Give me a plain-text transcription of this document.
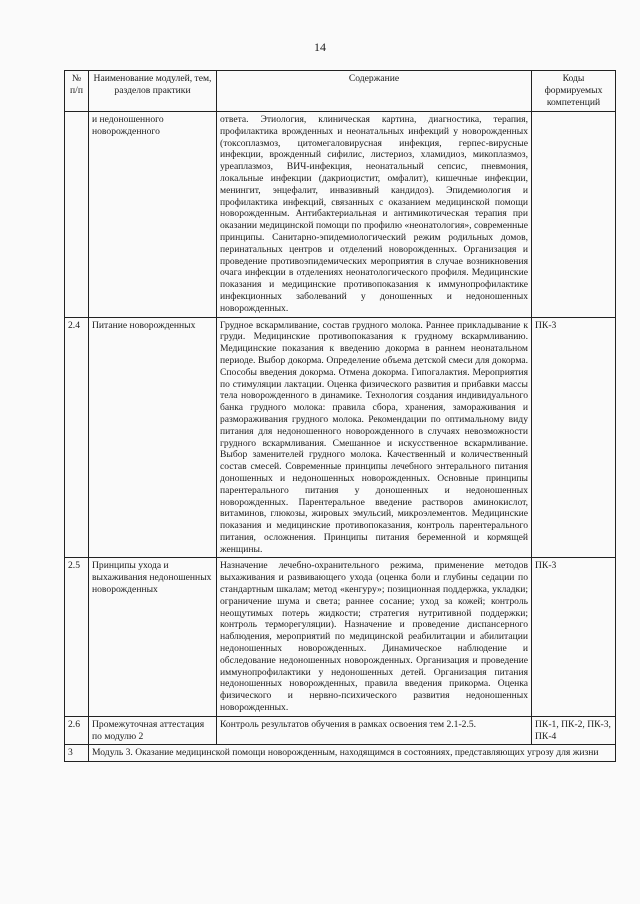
14
№ п/п	Наименование модулей, тем, разделов практики	Содержание	Коды формируемых компетенций
	и недоношенного новорожденного	ответа. Этиология, клиническая картина, диагностика, терапия, профилактика врожденных и неонатальных инфекций у новорожденных (токсоплазмоз, цитомегаловирусная инфекция, герпес-вирусные инфекции, врожденный сифилис, листериоз, хламидиоз, микоплазмоз, уреаплазмоз, ВИЧ-инфекция, неонатальный сепсис, пневмония, локальные инфекции (дакриоцистит, омфалит), кишечные инфекции, менингит, энцефалит, инвазивный кандидоз). Эпидемиология и профилактика инфекций, связанных с оказанием медицинской помощи новорожденным. Антибактериальная и антимикотическая терапия при оказании медицинской помощи по профилю «неонатология», современные принципы. Санитарно-эпидемиологический режим родильных домов, перинатальных центров и отделений новорожденных. Организация и проведение противоэпидемических мероприятия в случае возникновения очага инфекции в отделениях неонатологического профиля. Медицинские показания и медицинские противопоказания к иммунопрофилактике инфекционных заболеваний у доношенных и недоношенных новорожденных.	
2.4	Питание новорожденных	Грудное вскармливание, состав грудного молока. Раннее прикладывание к груди. Медицинские противопоказания к грудному вскармливанию. Медицинские показания к введению докорма в раннем неонатальном периоде. Выбор докорма. Определение объема детской смеси для докорма. Способы введения докорма. Отмена докорма. Гипогалактия. Мероприятия по стимуляции лактации. Оценка физического развития и прибавки массы тела новорожденного в динамике. Технология создания индивидуального банка грудного молока: правила сбора, хранения, замораживания и размораживания грудного молока. Рекомендации по оптимальному виду питания для недоношенного новорожденного в случаях невозможности грудного вскармливания. Смешанное и искусственное вскармливание. Выбор заменителей грудного молока. Качественный и количественный состав смесей. Современные принципы лечебного энтерального питания доношенных и недоношенных новорожденных. Основные принципы парентерального питания у доношенных и недоношенных новорожденных. Парентеральное введение растворов аминокислот, витаминов, глюкозы, жировых эмульсий, микроэлементов. Медицинские показания и медицинские противопоказания, контроль парентерального питания, осложнения. Принципы питания беременной и кормящей женщины.	ПК-3
2.5	Принципы ухода и выхаживания недоношенных новорожденных	Назначение лечебно-охранительного режима, применение методов выхаживания и развивающего ухода (оценка боли и глубины седации по стандартным шкалам; метод «кенгуру»; позиционная поддержка, укладки; ограничение шума и света; раннее сосание; уход за кожей; контроль неощутимых потерь жидкости; стратегия нутритивной поддержки; контроль терморегуляции). Назначение и проведение диспансерного наблюдения, мероприятий по медицинской реабилитации и абилитации недоношенных новорожденных. Динамическое наблюдение и обследование недоношенных новорожденных. Организация и проведение иммунопрофилактики у недоношенных детей. Организация питания недоношенных новорожденных, правила введения прикорма. Оценка физического и нервно-психического развития недоношенных новорожденных.	ПК-3
2.6	Промежуточная аттестация по модулю 2	Контроль результатов обучения в рамках освоения тем 2.1-2.5.	ПК-1, ПК-2, ПК-3, ПК-4
3	Модуль 3. Оказание медицинской помощи новорожденным, находящимся в состояниях, представляющих угрозу для жизни		
